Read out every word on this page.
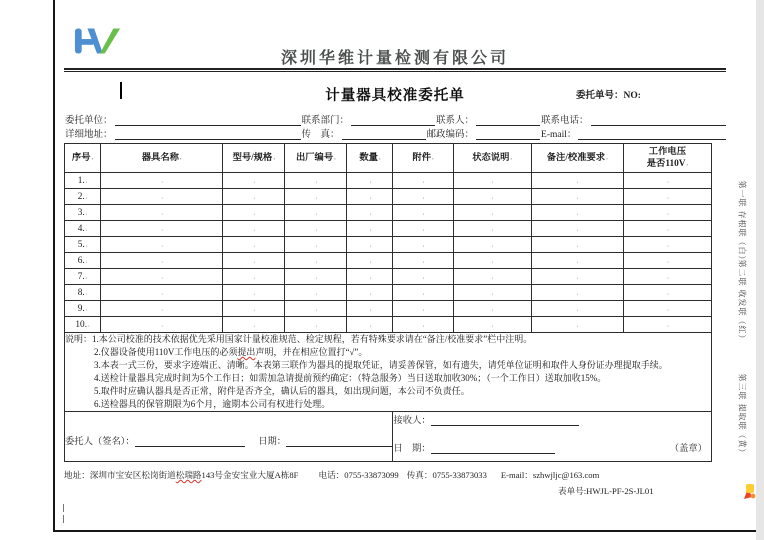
深圳华维计量检测有限公司
计量器具校准委托单	委托单号：NO:
委托单位：	联系部门：	联系人：	联系电话：
详细地址：	传　真：	邮政编码：	E-mail：
序号,	器具名称,	型号/规格,	出厂编号,	数量,	附件,	状态说明,	备注/校准要求,	工作电压
是否110V,

1.,	,	,	,	,	,	,	,	,
2.,	,	,	,	,	,	,	,	,
3.,	,	,	,	,	,	,	,	,
4.,	,	,	,	,	,	,	,	,
5.,	,	,	,	,	,	,	,	,
6.,	,	,	,	,	,	,	,	,
7.,	,	,	,	,	,	,	,	,
8.,	,	,	,	,	,	,	,	,
9.,	,	,	,	,	,	,	,	,
10.,	,	,	,	,	,	,	,	,

说明： 1.本公司校准的技术依据优先采用国家计量校准规范、检定规程，若有特殊要求请在“备注/校准要求”栏中注明。
2.仪器设备使用110V工作电压的必须提出声明，并在相应位置打“√”。
3.本表一式三份，要求字迹端正、清晰。本表第三联作为器具的提取凭证，请妥善保管，如有遗失，请凭单位证明和取件人身份证办理提取手续。
4.送检计量器具完成时间为5个工作日；如需加急请提前预约确定：（特急服务）当日送取加收30%；（一个工作日）送取加收15%。
5.取件时应确认器具是否正常，附件是否齐全，确认后的器具，如出现问题，本公司不负责任。
6.送检器具的保管期限为6个月，逾期本公司有权进行处理。

委托人（签名）：	日期：

接收人：
日　期：	（盖章）
地址：深圳市宝安区松岗街道 松瑞路 143号金安宝业大厦A栋8F 电话：0755-33873099 传真：0755-33873033 E-mail：szhwjljc@163.com
表单号:HWJL-PF-2S-JL01
第一联 存根联（白）
第二联 收发联（红）
第三联 提取联（黄）
